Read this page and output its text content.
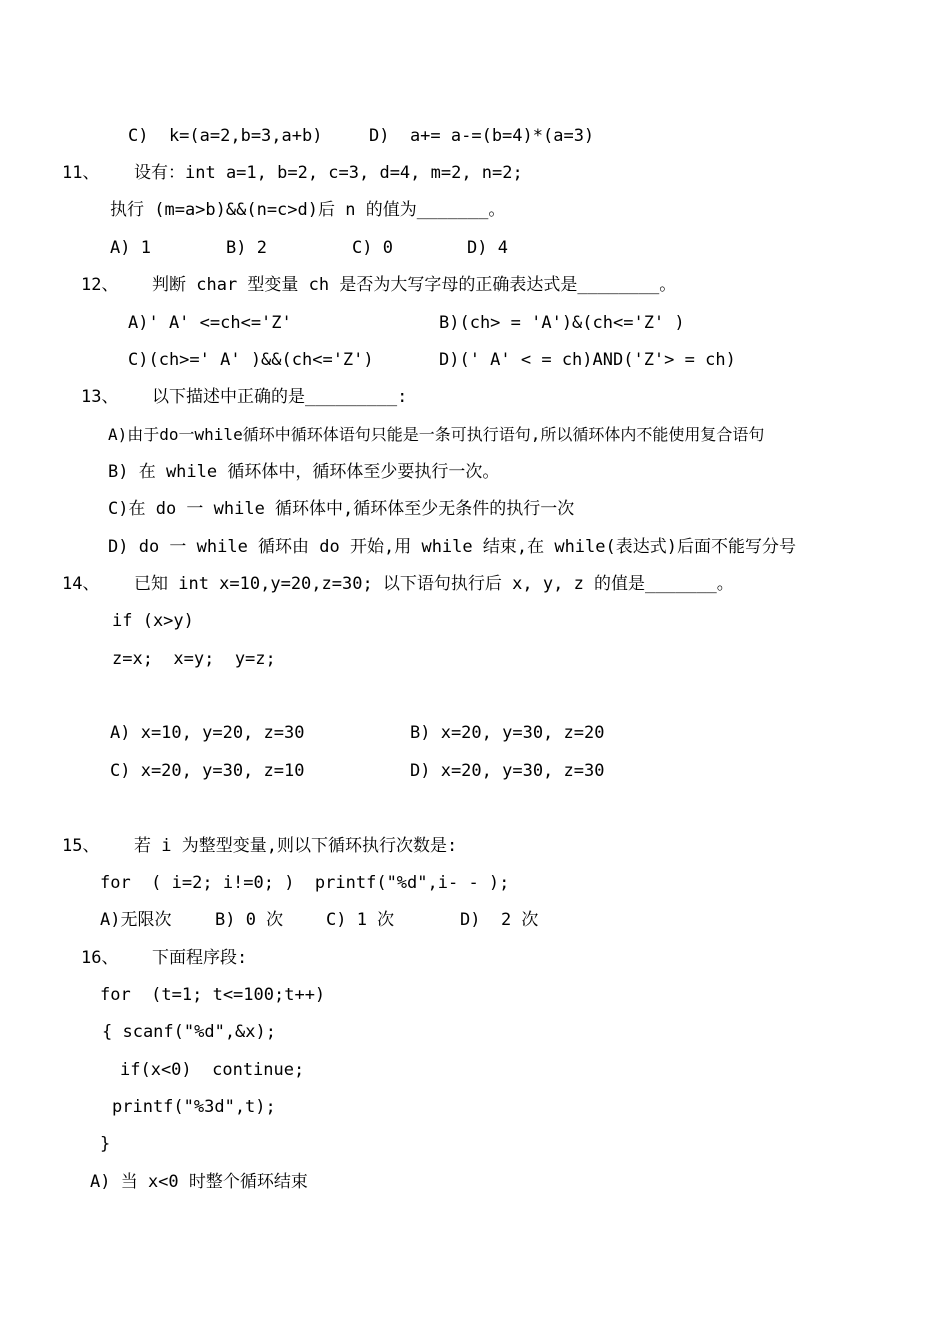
C)  k=(a=2,b=3,a+b)	D)  a+= a-=(b=4)*(a=3)
11、 设有：int a=1, b=2, c=3, d=4, m=2, n=2;
执行 (m=a>b)&&(n=c>d)后 n 的值为_______。
A) 1	B) 2	C) 0	D) 4
12、 判断 char 型变量 ch 是否为大写字母的正确表达式是________。
A)' A' <=ch<='Z'	B)(ch> = 'A')&(ch<='Z' )
C)(ch>=' A' )&&(ch<='Z')	D)(' A' < = ch)AND('Z'> = ch)
13、 以下描述中正确的是_________:
A)由于do一while循环中循环体语句只能是一条可执行语句,所以循环体内不能使用复合语句
B) 在 while 循环体中，循环体至少要执行一次。
C)在 do 一 while 循环体中,循环体至少无条件的执行一次
D) do 一 while 循环由 do 开始,用 while 结束,在 while(表达式)后面不能写分号
14、 已知 int x=10,y=20,z=30; 以下语句执行后 x, y, z 的值是_______。
if (x>y)
z=x;  x=y;  y=z;
A) x=10, y=20, z=30	B) x=20, y=30, z=20
C) x=20, y=30, z=10	D) x=20, y=30, z=30
15、 若 i 为整型变量,则以下循环执行次数是:
for  ( i=2; i!=0; )  printf("%d",i- - );
A)无限次	B) 0 次	C) 1 次	D)  2 次
16、 下面程序段:
for  (t=1; t<=100;t++)
{ scanf("%d",&x);
if(x<0)  continue;
printf("%3d",t);
}
A) 当 x<0 时整个循环结束
